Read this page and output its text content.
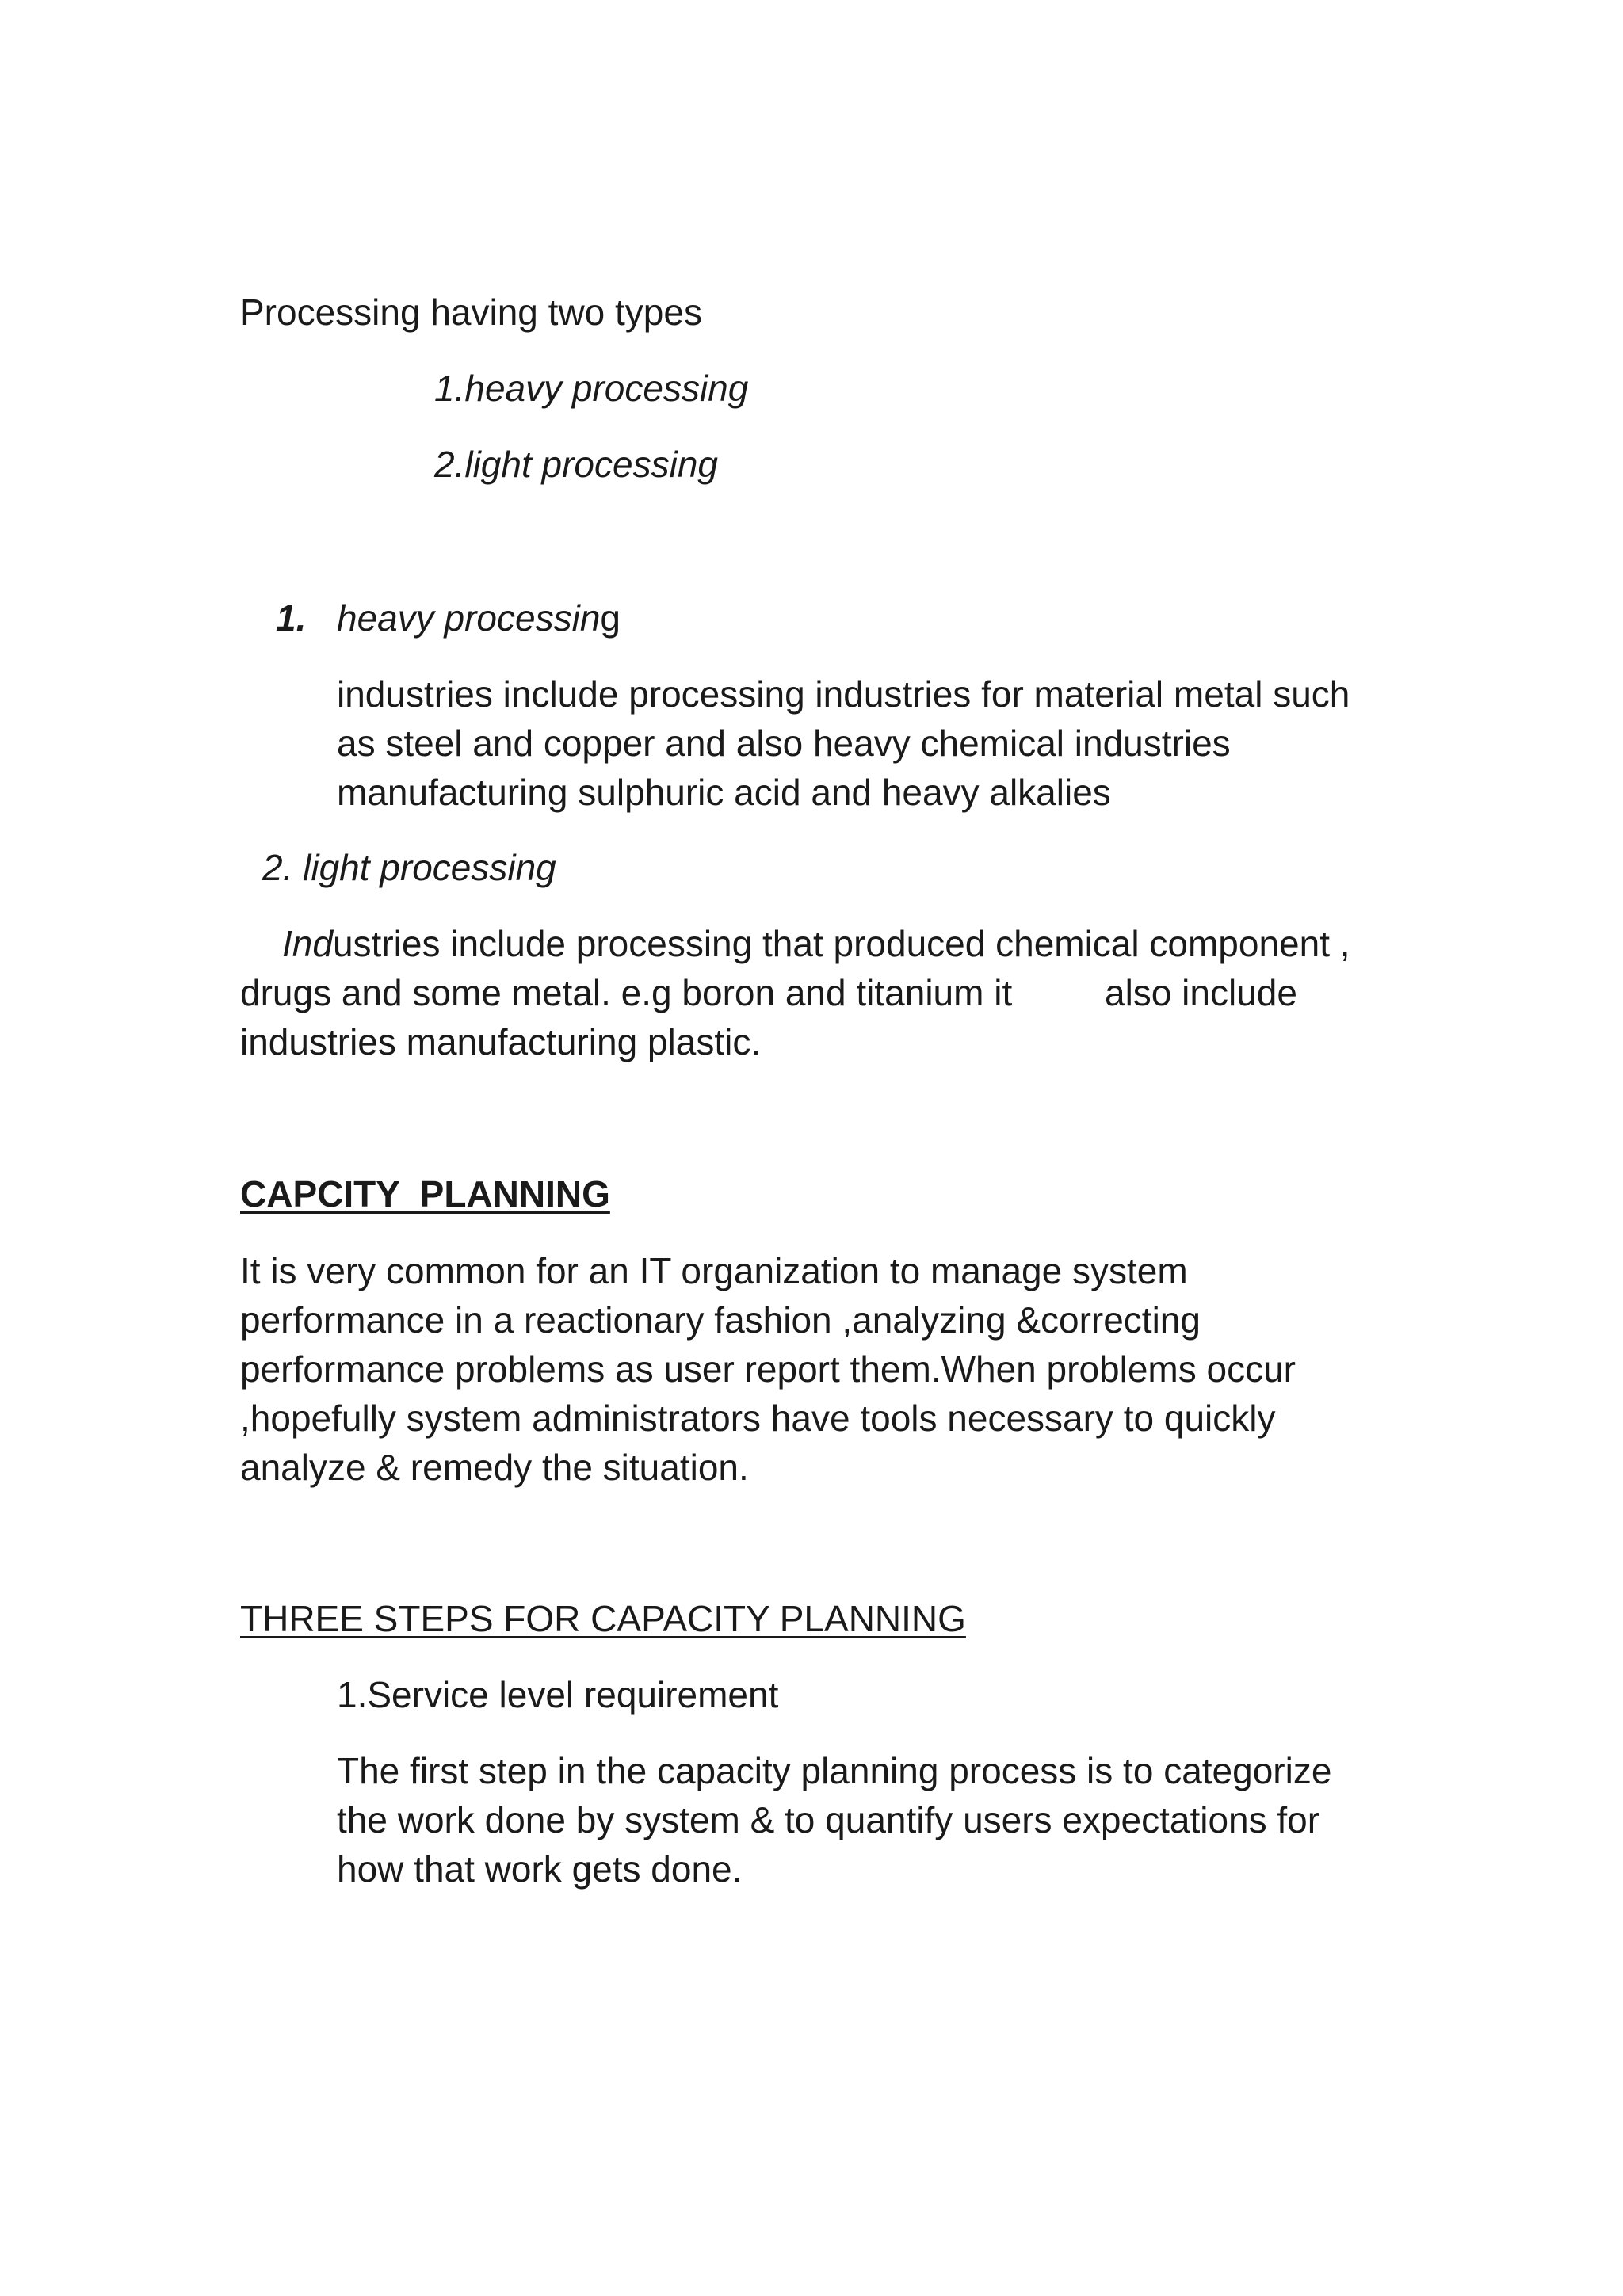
Processing having two types

1.heavy processing

2.light processing

1. heavy processing

industries include processing industries for material metal such

as steel and copper and also heavy chemical industries

manufacturing sulphuric acid and heavy alkalies

2. light processing

Industries include processing that produced chemical component ,

drugs and some metal. e.g boron and titanium it	also include

industries manufacturing plastic.

CAPCITY  PLANNING

It is very common for an IT organization to manage system

performance in a reactionary fashion ,analyzing &correcting

performance problems as user report them.When problems occur

,hopefully system administrators have tools necessary to quickly

analyze & remedy the situation.

THREE STEPS FOR CAPACITY PLANNING

1.Service level requirement

The first step in the capacity planning process is to categorize

the work done by system & to quantify users expectations for

how that work gets done.
